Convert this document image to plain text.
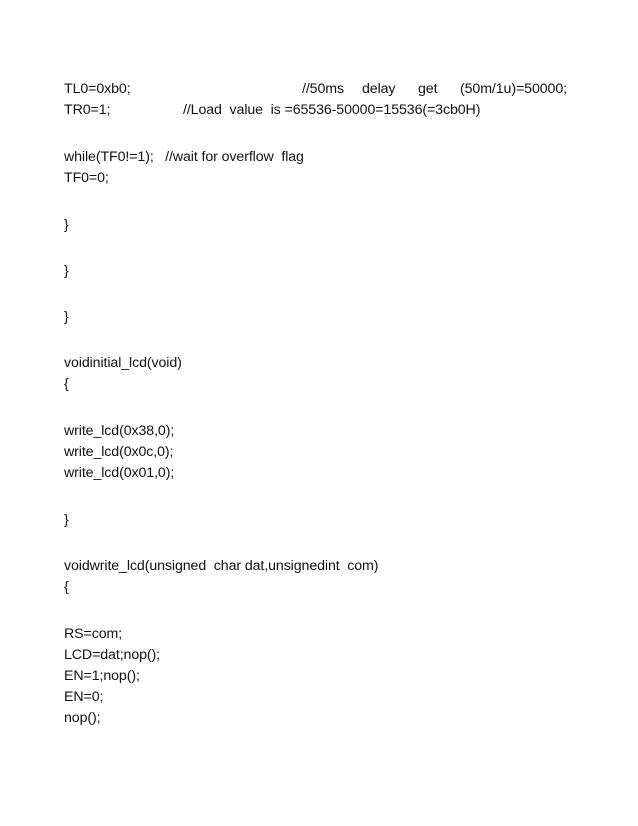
TL0=0xb0;

	//50ms

delay

get

(50m/1u)=50000;

TR0=1;

	//Load  value  is =65536-50000=15536(=3cb0H)

while(TF0!=1);   //wait for overflow  flag
TF0=0;
}
}
}
voidinitial_lcd(void)
{
write_lcd(0x38,0);
write_lcd(0x0c,0);
write_lcd(0x01,0);
}
voidwrite_lcd(unsigned  char dat,unsignedint  com)
{
RS=com;
LCD=dat;nop();
EN=1;nop();
EN=0;
nop();
